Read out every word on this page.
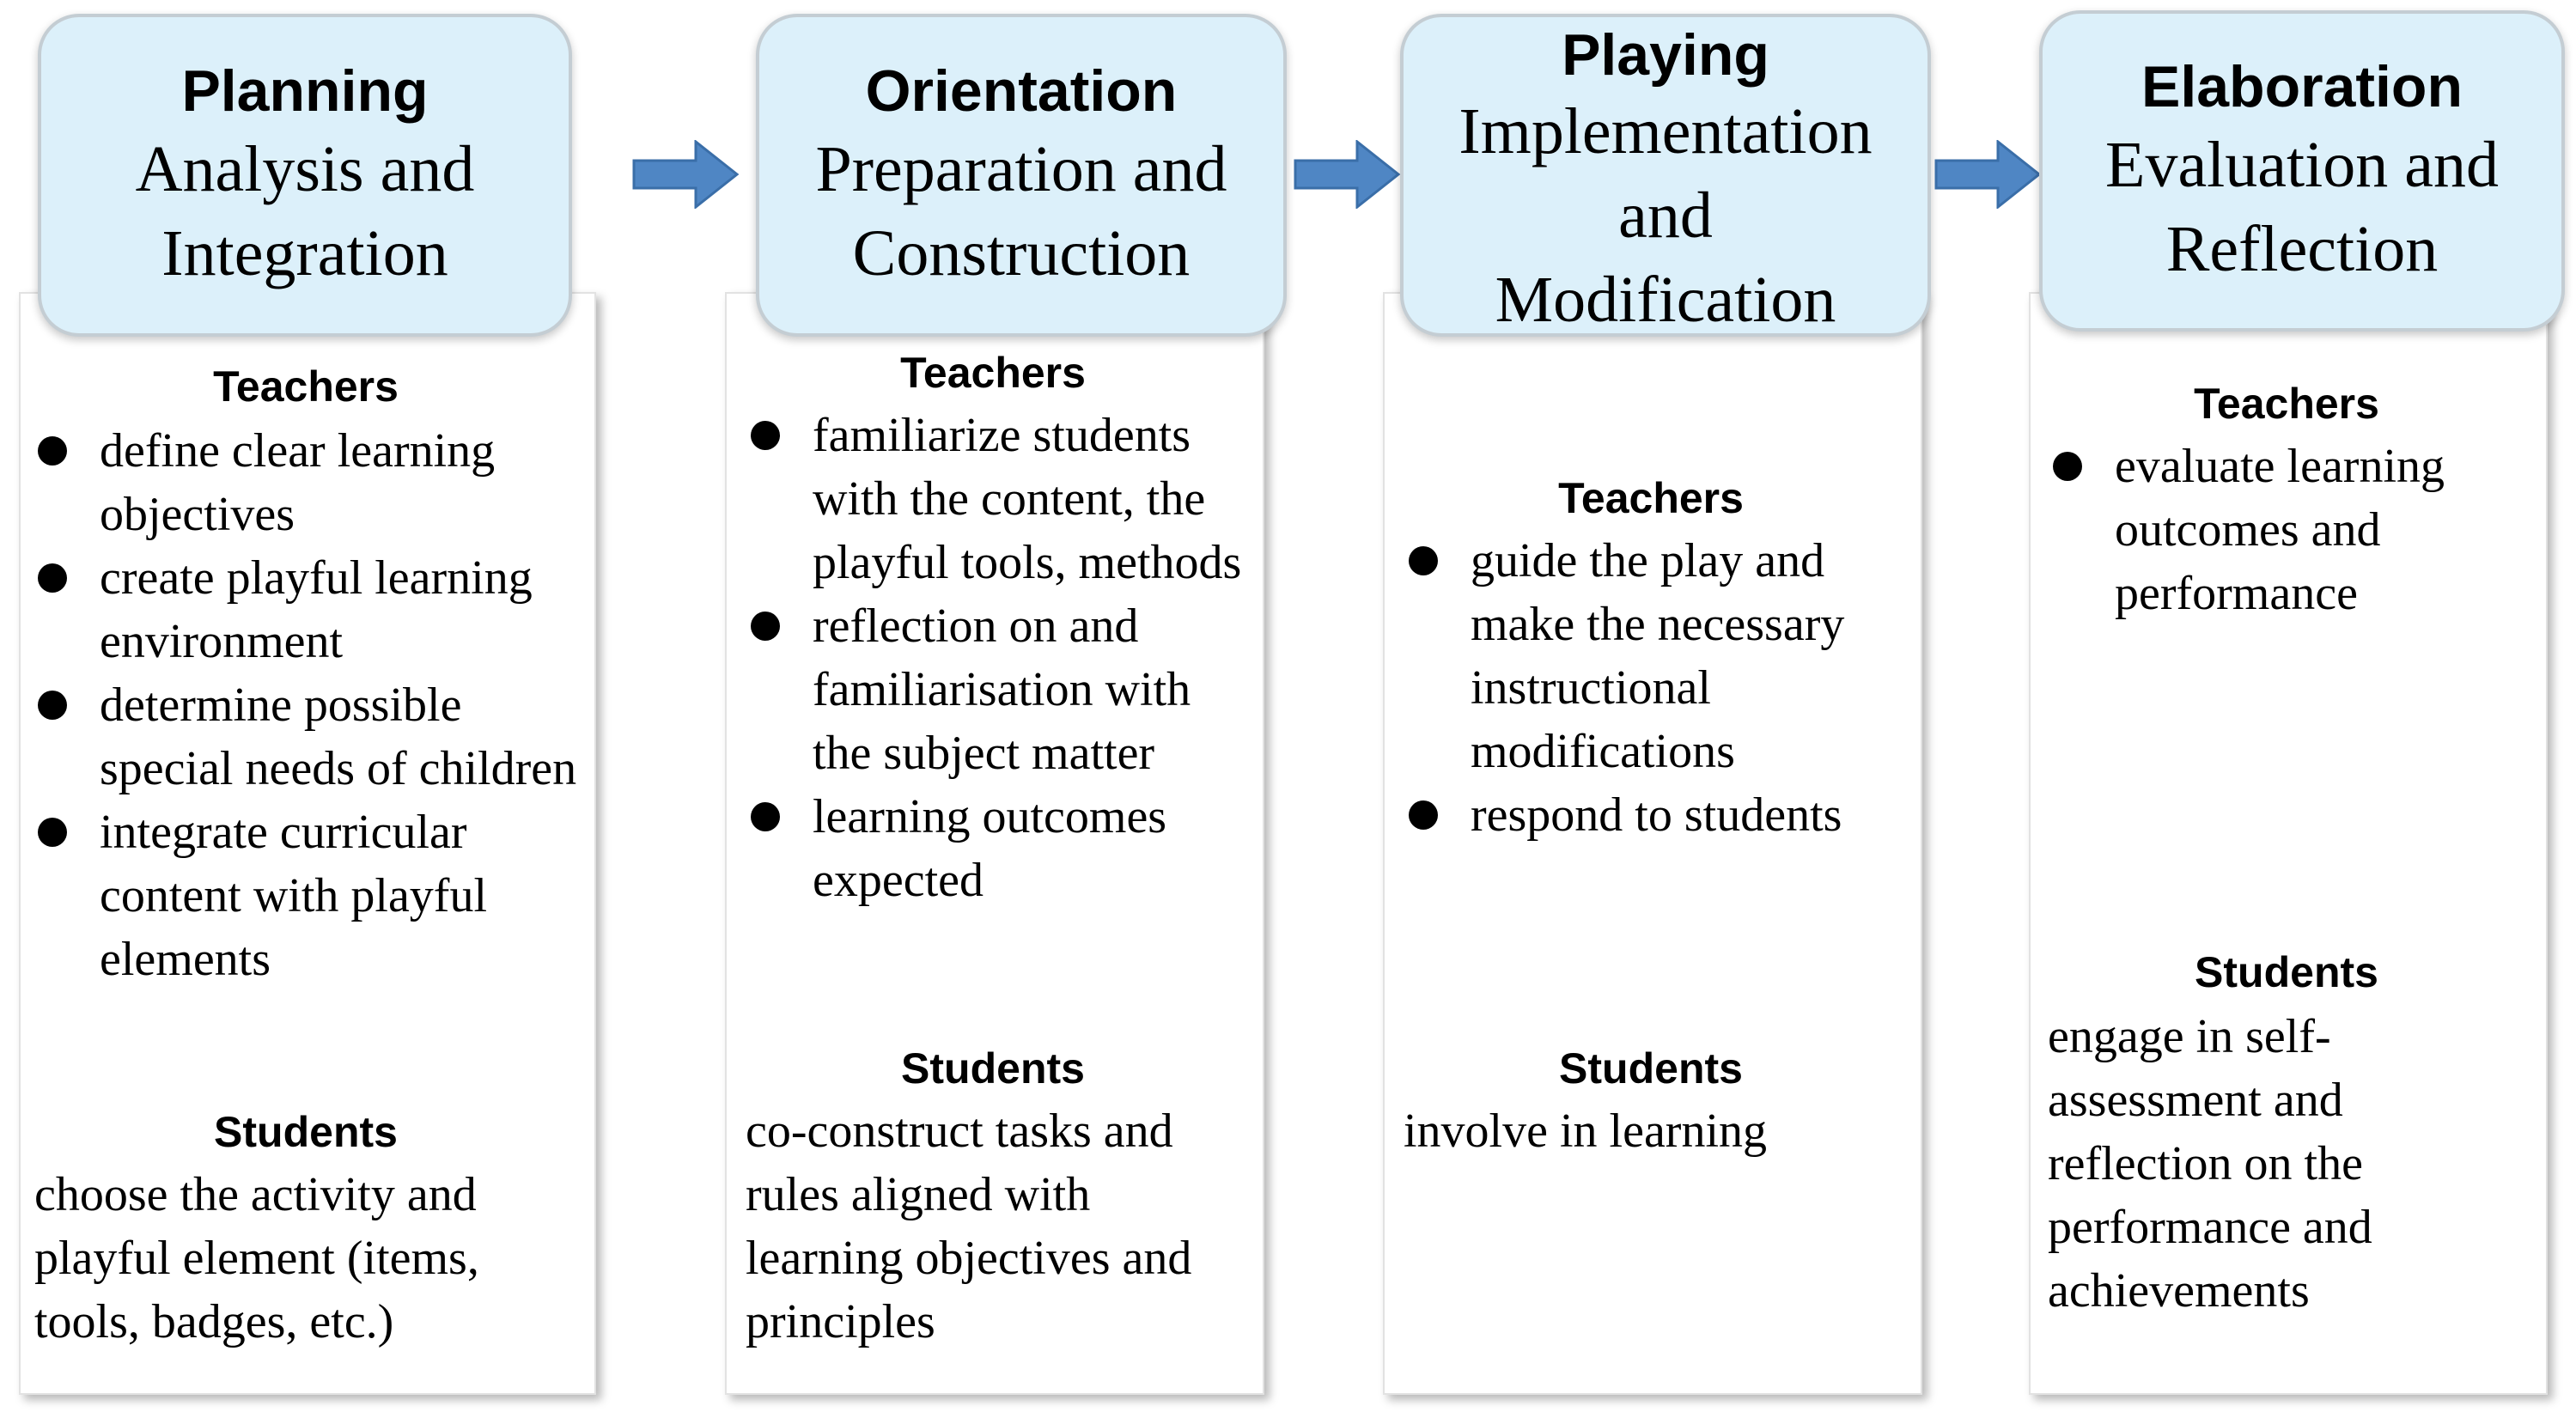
Planning
Analysis and
Integration
Teachers
define clear learning objectives
create playful learning environment
determine possible special needs of children
integrate curricular content with playful elements
Students
choose the activity and playful element (items, tools, badges, etc.)
Orientation
Preparation and
Construction
Teachers
familiarize students with the content, the playful tools, methods
reflection on and familiarisation with the subject matter
learning outcomes expected
Students
co-construct tasks and rules aligned with learning objectives and principles
Playing
Implementation
and
Modification
Teachers
guide the play and make the necessary instructional modifications
respond to students
Students
involve in learning
Elaboration
Evaluation and
Reflection
Teachers
evaluate learning outcomes and performance
Students
engage in self-assessment and reflection on the performance and achievements
